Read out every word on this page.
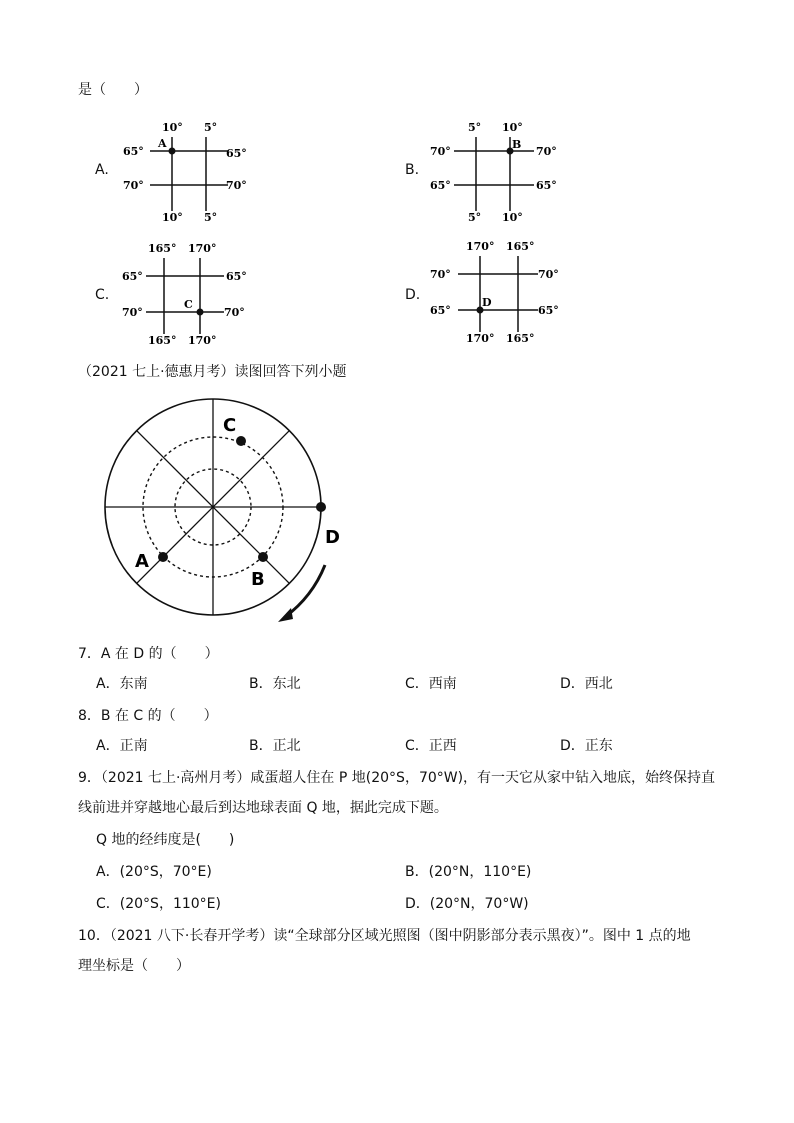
是（　　）
A.
10° 5°
10° 5°
65°
70°
65°
70°
A
B.
5° 10°
5° 10°
70°
65°
70°
65°
B
C.
165° 170°
165° 170°
65°
70°
65°
70°
C
D.
170° 165°
170° 165°
70°
65°
70°
65°
D
（2021 七上·德惠月考）读图回答下列小题
C
D
A
B
7．A 在 D 的（　　）
A．东南	B．东北	C．西南	D．西北
8．B 在 C 的（　　）
A．正南	B．正北	C．正西	D．正东
9．（2021 七上·高州月考）咸蛋超人住在 P 地(20°S，70°W)，有一天它从家中钻入地底，始终保持直
线前进并穿越地心最后到达地球表面 Q 地，据此完成下题。
Q 地的经纬度是(　　)
A．(20°S，70°E)	B．(20°N，110°E)
C．(20°S，110°E)	D．(20°N，70°W)
10．（2021 八下·长春开学考）读“全球部分区域光照图（图中阴影部分表示黑夜）”。图中 1 点的地
理坐标是（　　）
